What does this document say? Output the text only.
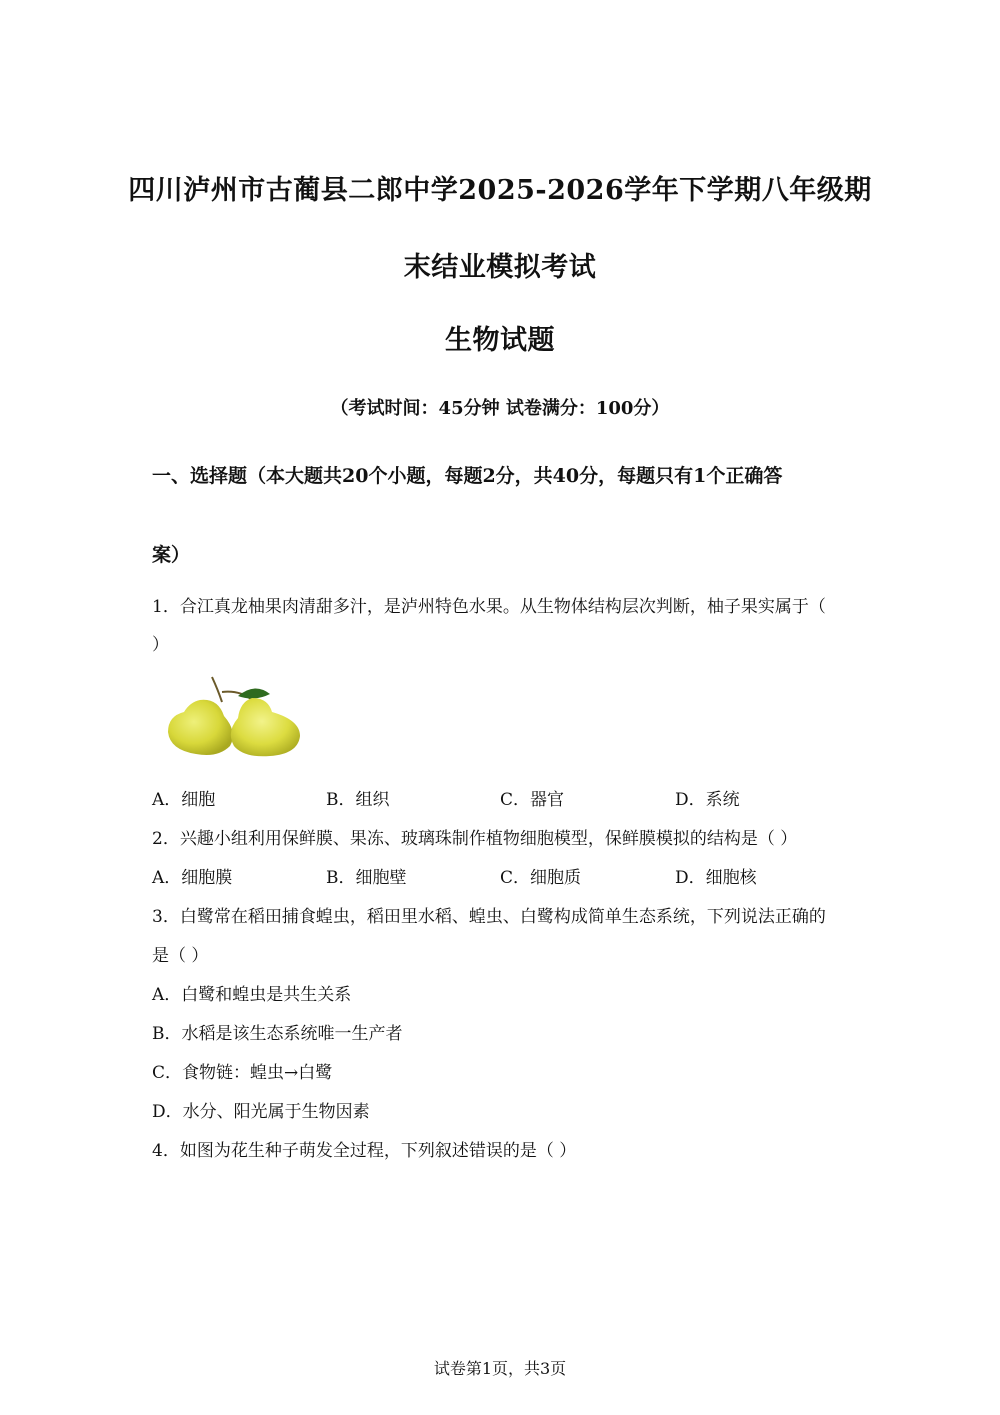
四川泸州市古蔺县二郎中学2025-2026学年下学期八年级期
末结业模拟考试
生物试题
（考试时间：45分钟 试卷满分：100分）
一、选择题（本大题共20个小题，每题2分，共40分，每题只有1个正确答
案）
1．合江真龙柚果肉清甜多汁，是泸州特色水果。从生物体结构层次判断，柚子果实属于（
）
A．细胞	B．组织	C．器官	D．系统
2．兴趣小组利用保鲜膜、果冻、玻璃珠制作植物细胞模型，保鲜膜模拟的结构是（ ）
A．细胞膜	B．细胞壁	C．细胞质	D．细胞核
3．白鹭常在稻田捕食蝗虫，稻田里水稻、蝗虫、白鹭构成简单生态系统，下列说法正确的
是（ ）
A．白鹭和蝗虫是共生关系
B．水稻是该生态系统唯一生产者
C．食物链：蝗虫→白鹭
D．水分、阳光属于生物因素
4．如图为花生种子萌发全过程，下列叙述错误的是（ ）
试卷第1页，共3页
